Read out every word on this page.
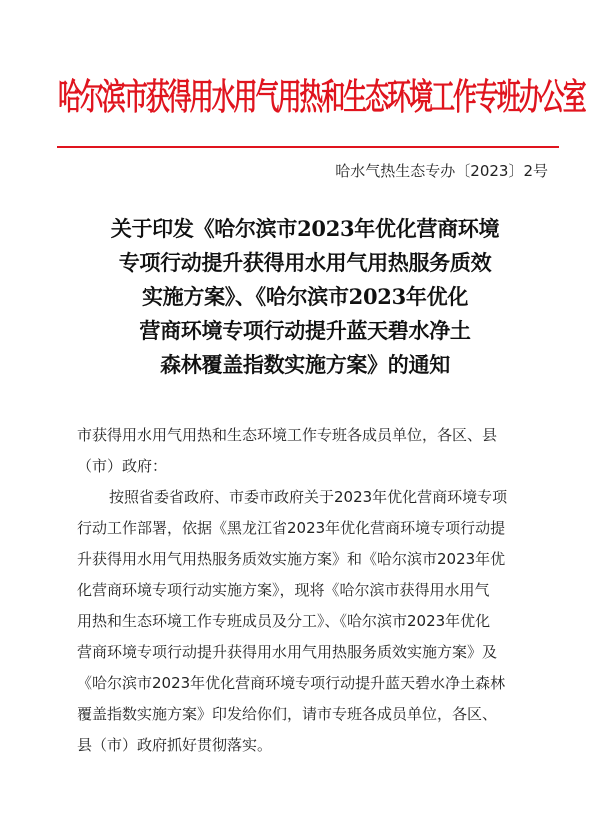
哈尔滨市获得用水用气用热和生态环境工作专班办公室
哈水气热生态专办〔2023〕2号
关于印发《哈尔滨市2023年优化营商环境
专项行动提升获得用水用气用热服务质效
实施方案》、《哈尔滨市2023年优化
营商环境专项行动提升蓝天碧水净土
森林覆盖指数实施方案》的通知
市获得用水用气用热和生态环境工作专班各成员单位，各区、县
（市）政府：
按照省委省政府、市委市政府关于2023年优化营商环境专项
行动工作部署，依据《黑龙江省2023年优化营商环境专项行动提
升获得用水用气用热服务质效实施方案》和《哈尔滨市2023年优
化营商环境专项行动实施方案》，现将《哈尔滨市获得用水用气
用热和生态环境工作专班成员及分工》、《哈尔滨市2023年优化
营商环境专项行动提升获得用水用气用热服务质效实施方案》及
《哈尔滨市2023年优化营商环境专项行动提升蓝天碧水净土森林
覆盖指数实施方案》印发给你们，请市专班各成员单位，各区、
县（市）政府抓好贯彻落实。
